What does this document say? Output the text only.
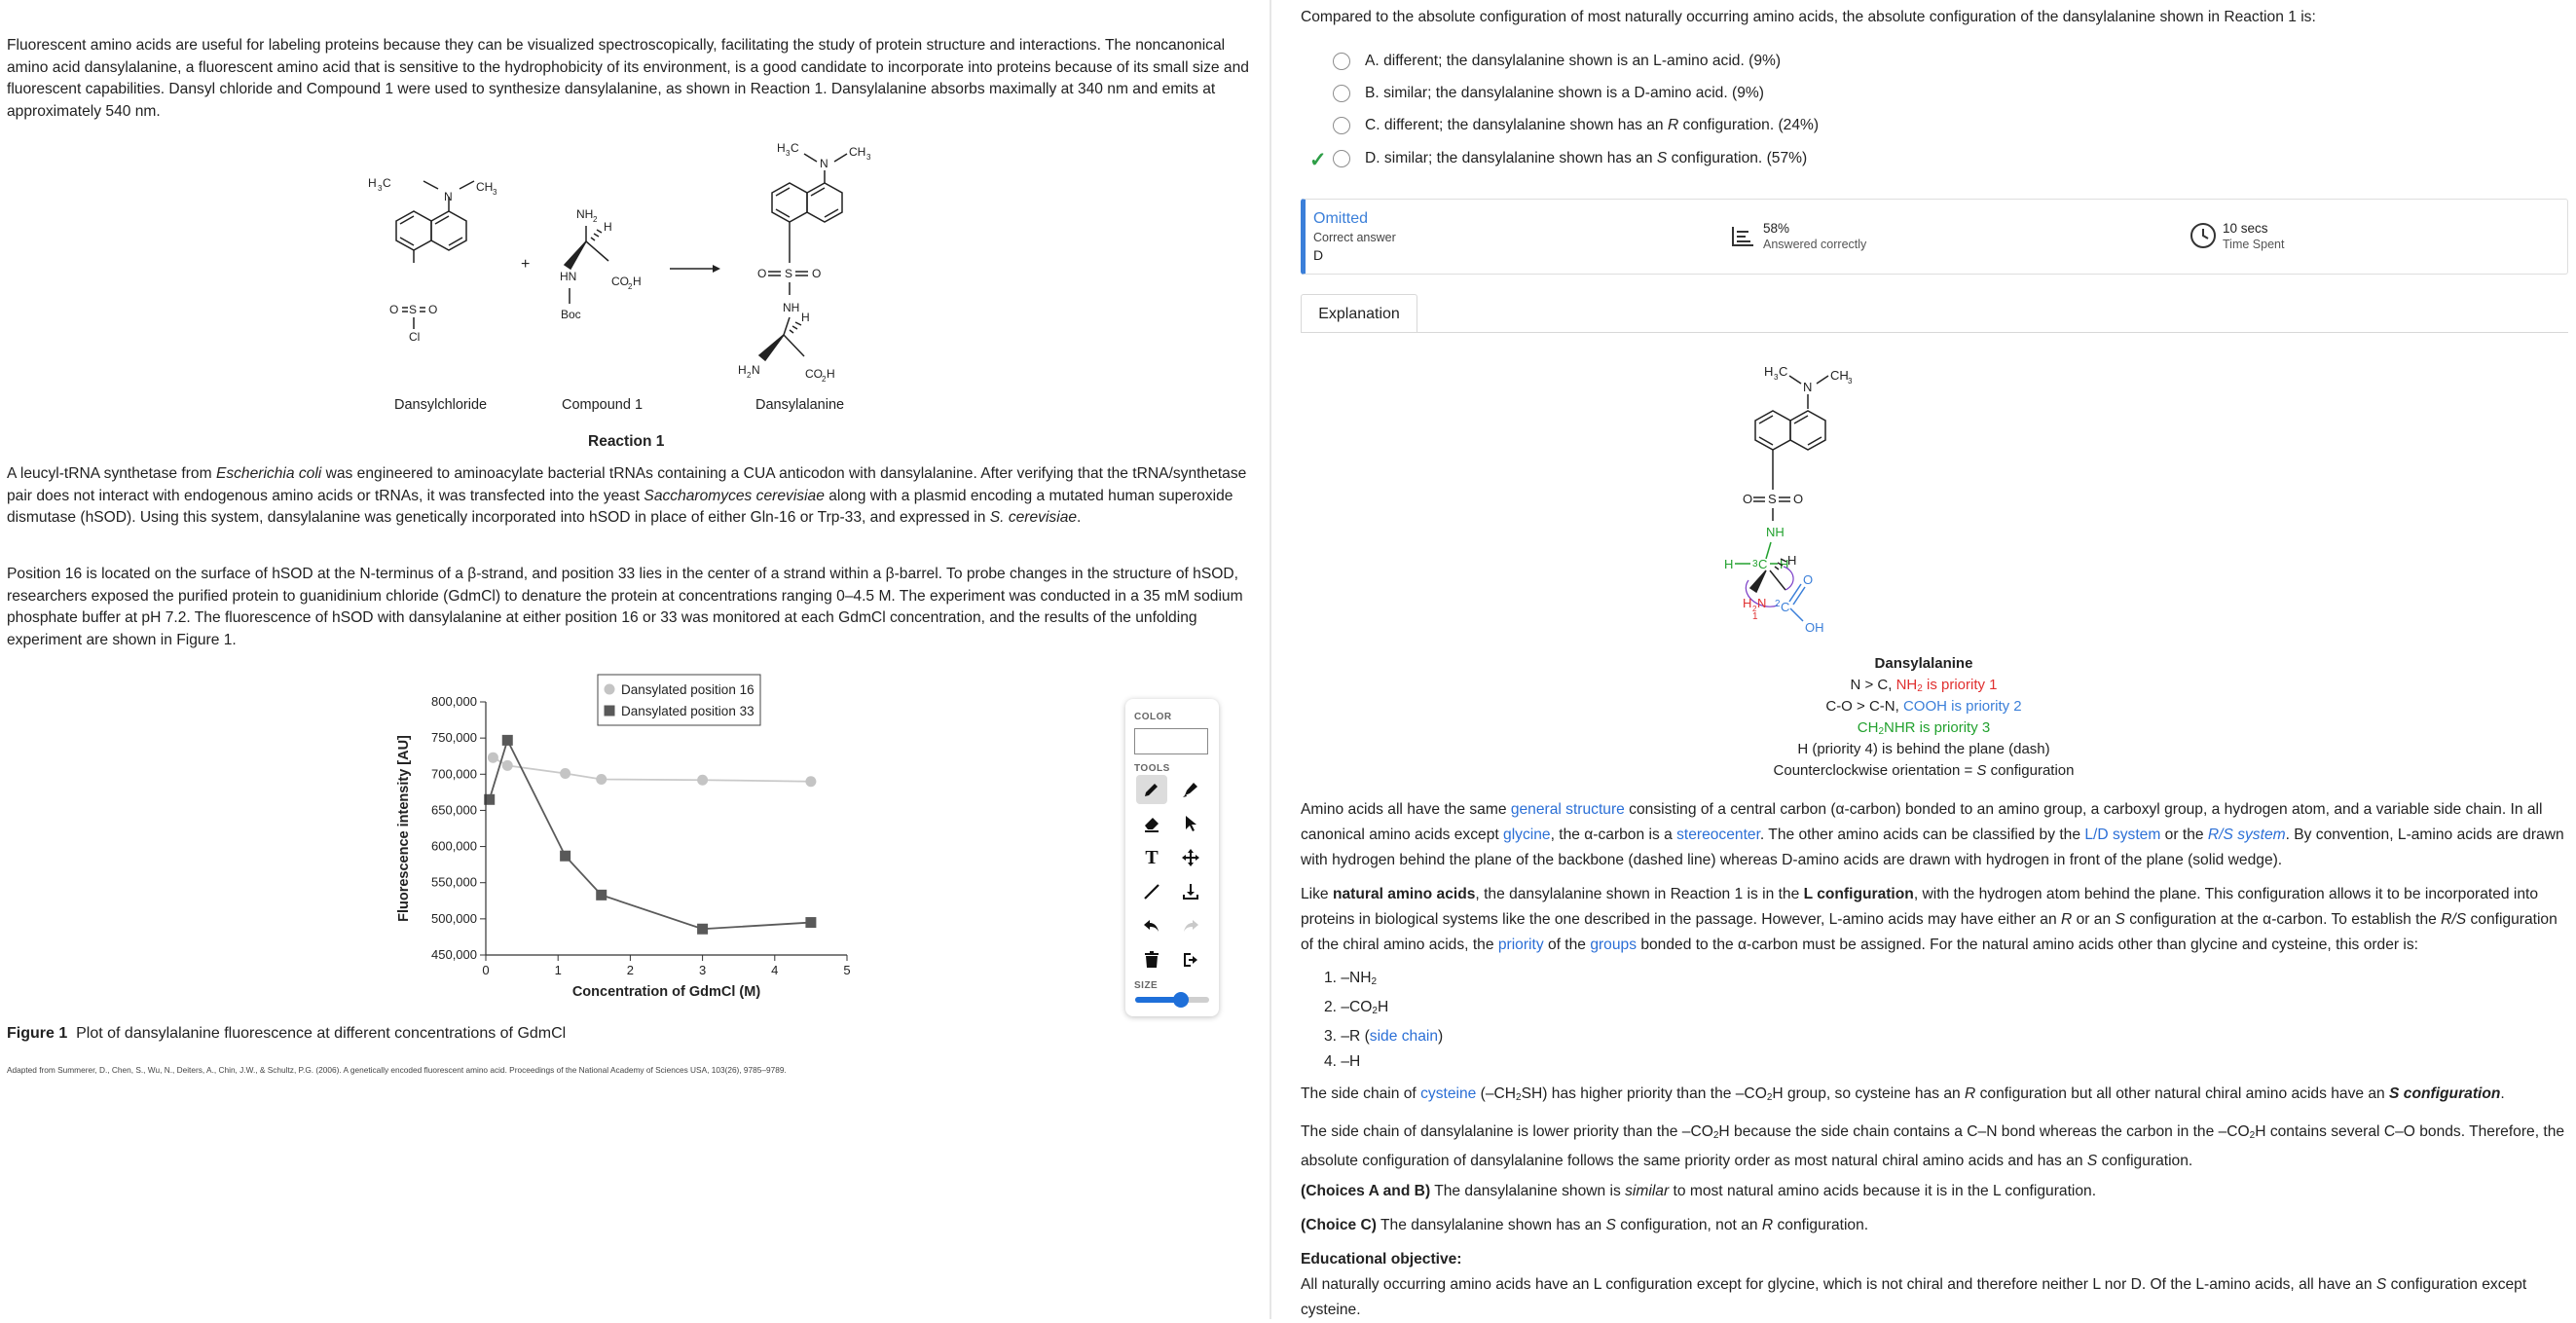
Fluorescent amino acids are useful for labeling proteins because they can be visualized spectroscopically, facilitating the study of protein structure and interactions. The noncanonical amino acid dansylalanine, a fluorescent amino acid that is sensitive to the hydrophobicity of its environment, is a good candidate to incorporate into proteins because of its small size and fluorescent capabilities. Dansyl chloride and Compound 1 were used to synthesize dansylalanine, as shown in Reaction 1. Dansylalanine absorbs maximally at 340 nm and emits at approximately 540 nm.

H 3 C
N
CH 3
O S O
Cl
+
NH 2
H
HN	CO 2 H
Boc
H 3 C
N
CH 3
O S O
NH
H
H 2 N	CO 2 H
Dansylchloride	Compound 1	Dansylalanine
Reaction 1

A leucyl-tRNA synthetase from Escherichia coli was engineered to aminoacylate bacterial tRNAs containing a CUA anticodon with dansylalanine. After verifying that the tRNA/synthetase pair does not interact with endogenous amino acids or tRNAs, it was transfected into the yeast Saccharomyces cerevisiae along with a plasmid encoding a mutated human superoxide dismutase (hSOD). Using this system, dansylalanine was genetically incorporated into hSOD in place of either Gln-16 or Trp-33, and expressed in S. cerevisiae.

Position 16 is located on the surface of hSOD at the N-terminus of a β-strand, and position 33 lies in the center of a strand within a β-barrel. To probe changes in the structure of hSOD, researchers exposed the purified protein to guanidinium chloride (GdmCl) to denature the protein at concentrations ranging 0–4.5 M. The experiment was conducted in a 35 mM sodium phosphate buffer at pH 7.2. The fluorescence of hSOD with dansylalanine at either position 16 or 33 was monitored at each GdmCl concentration, and the results of the unfolding experiment are shown in Figure 1.

450,000
500,000
550,000
600,000
650,000
700,000
750,000
800,000
0	1	2	3	4	5
Concentration of GdmCl (M)
Fluorescence intensity [AU]
Dansylated position 16
Dansylated position 33
Figure 1 Plot of dansylalanine fluorescence at different concentrations of GdmCl
Adapted from Summerer, D., Chen, S., Wu, N., Deiters, A., Chin, J.W., & Schultz, P.G. (2006). A genetically encoded fluorescent amino acid. Proceedings of the National Academy of Sciences USA, 103(26), 9785–9789.
COLOR
TOOLS
T
SIZE
Compared to the absolute configuration of most naturally occurring amino acids, the absolute configuration of the dansylalanine shown in Reaction 1 is:
A. different; the dansylalanine shown is an L-amino acid. (9%)
B. similar; the dansylalanine shown is a D-amino acid. (9%)
C. different; the dansylalanine shown has an R configuration. (24%)
✓	D. similar; the dansylalanine shown has an S configuration. (57%)
Omitted
Correct answer
D
58%
Answered correctly
10 secs
Time Spent
Explanation
H 3 C
N
CH 3
O S O
NH
H 3 C H
H
H 2 N
1
C
2
O
OH
Dansylalanine
N > C, $NH_2$ is priority 1
C-O > C-N, COOH is priority 2
$CH_2NHR$ is priority 3
H (priority 4) is behind the plane (dash)
Counterclockwise orientation = S configuration

Amino acids all have the same general structure consisting of a central carbon (α-carbon) bonded to an amino group, a carboxyl group, a hydrogen atom, and a variable side chain. In all canonical amino acids except glycine, the α-carbon is a stereocenter. The other amino acids can be classified by the L/D system or the R/S system. By convention, L-amino acids are drawn with hydrogen behind the plane of the backbone (dashed line) whereas D-amino acids are drawn with hydrogen in front of the plane (solid wedge).

Like natural amino acids, the dansylalanine shown in Reaction 1 is in the L configuration, with the hydrogen atom behind the plane. This configuration allows it to be incorporated into proteins in biological systems like the one described in the passage. However, L-amino acids may have either an R or an S configuration at the α-carbon. To establish the R/S configuration of the chiral amino acids, the priority of the groups bonded to the α-carbon must be assigned. For the natural amino acids other than glycine and cysteine, this order is:

1. $-NH_2$
2. $-CO_2H$
3. –R (side chain)
4. –H

The side chain of cysteine $(-CH_2SH)$ has higher priority than the $-CO_2H$ group, so cysteine has an R configuration but all other natural chiral amino acids have an S configuration.

The side chain of dansylalanine is lower priority than the $-CO_2H$ because the side chain contains a C–N bond whereas the carbon in the $-CO_2H$ contains several C–O bonds. Therefore, the absolute configuration of dansylalanine follows the same priority order as most natural chiral amino acids and has an S configuration.

(Choices A and B) The dansylalanine shown is similar to most natural amino acids because it is in the L configuration.

(Choice C) The dansylalanine shown has an S configuration, not an R configuration.

Educational objective:

All naturally occurring amino acids have an L configuration except for glycine, which is not chiral and therefore neither L nor D. Of the L-amino acids, all have an S configuration except cysteine.
